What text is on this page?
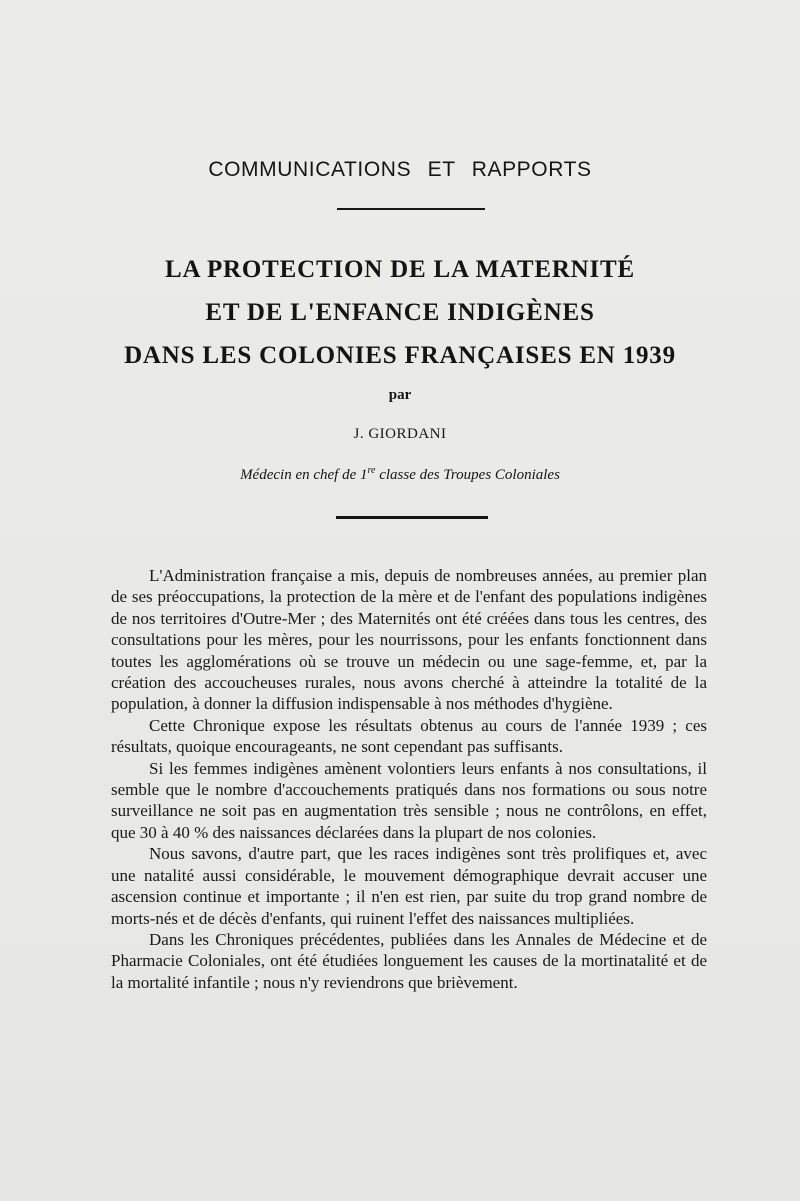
COMMUNICATIONS ET RAPPORTS
LA PROTECTION DE LA MATERNITÉ
ET DE L'ENFANCE INDIGÈNES
DANS LES COLONIES FRANÇAISES EN 1939
par
J. GIORDANI
Médecin en chef de 1re classe des Troupes Coloniales

L'Administration française a mis, depuis de nombreuses années, au premier plan de ses préoccupations, la protection de la mère et de l'enfant des populations indigènes de nos territoires d'Outre-Mer ; des Maternités ont été créées dans tous les centres, des consultations pour les mères, pour les nourrissons, pour les enfants fonctionnent dans toutes les agglomérations où se trouve un médecin ou une sage-femme, et, par la création des accoucheuses rurales, nous avons cherché à atteindre la totalité de la population, à donner la diffusion indispensable à nos méthodes d'hygiène.

Cette Chronique expose les résultats obtenus au cours de l'année 1939 ; ces résultats, quoique encourageants, ne sont cependant pas suffisants.

Si les femmes indigènes amènent volontiers leurs enfants à nos consultations, il semble que le nombre d'accouchements pratiqués dans nos formations ou sous notre surveillance ne soit pas en augmentation très sensible ; nous ne contrôlons, en effet, que 30 à 40 % des naissances déclarées dans la plupart de nos colonies.

Nous savons, d'autre part, que les races indigènes sont très prolifiques et, avec une natalité aussi considérable, le mouvement démographique devrait accuser une ascension continue et importante ; il n'en est rien, par suite du trop grand nombre de morts-nés et de décès d'enfants, qui ruinent l'effet des naissances multipliées.

Dans les Chroniques précédentes, publiées dans les Annales de Médecine et de Pharmacie Coloniales, ont été étudiées longuement les causes de la mortinatalité et de la mortalité infantile ; nous n'y reviendrons que brièvement.
